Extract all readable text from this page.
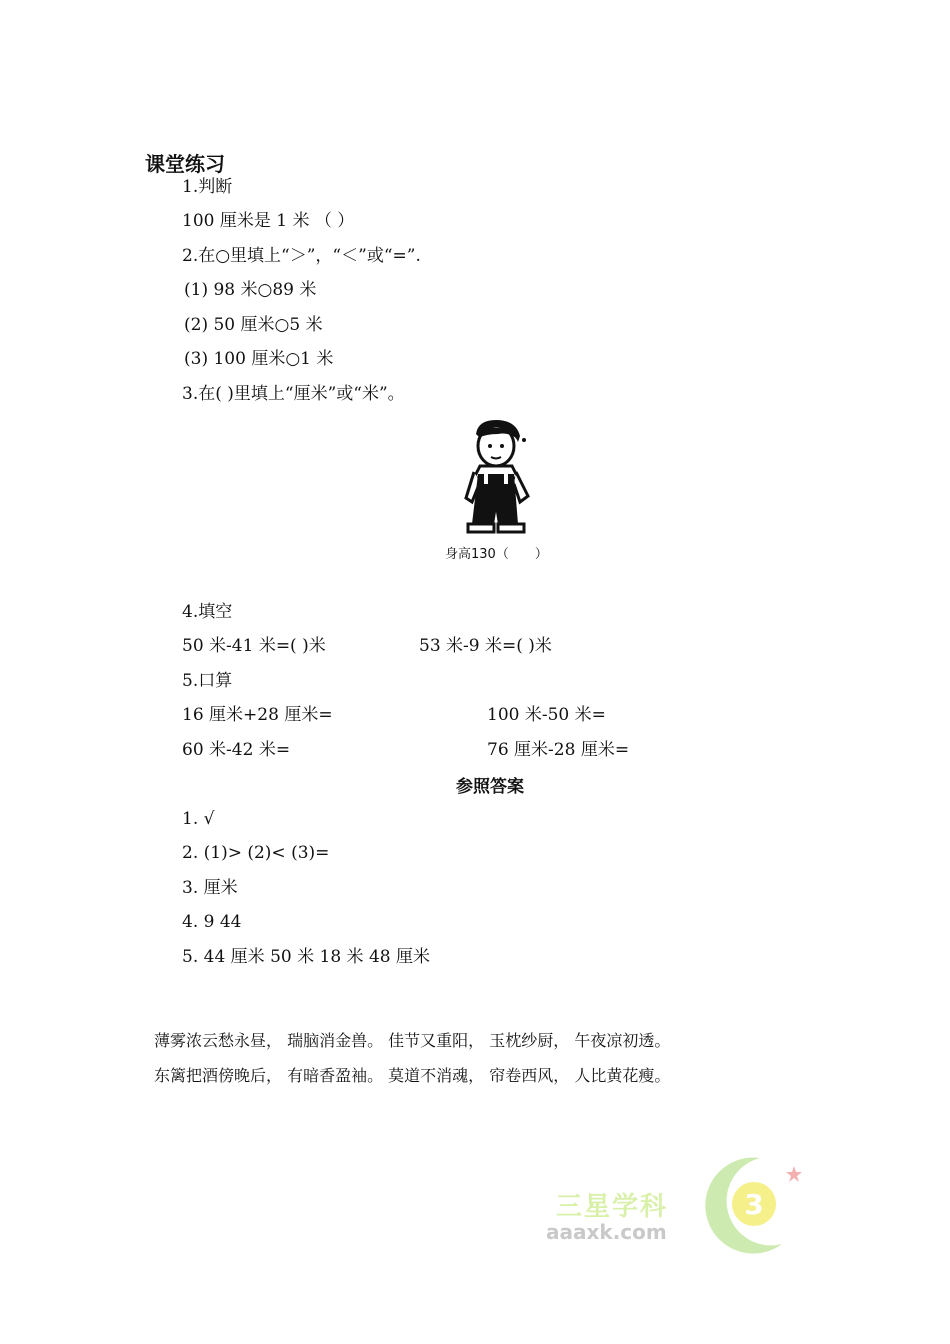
课堂练习
1.判断
100 厘米是 1 米 （ ）
2.在○里填上“＞”，“＜”或“=”.
(1) 98 米○89 米
(2) 50 厘米○5 米
(3) 100 厘米○1 米
3.在( )里填上“厘米”或“米”。
身高130（　　）
4.填空
50 米-41 米=( )米	53 米-9 米=( )米
5.口算
16 厘米+28 厘米=	100 米-50 米=
60 米-42 米=	76 厘米-28 厘米=
参照答案
1. √
2. (1)> (2)< (3)=
3. 厘米
4. 9 44
5. 44 厘米 50 米 18 米 48 厘米
薄雾浓云愁永昼， 瑞脑消金兽。 佳节又重阳， 玉枕纱厨， 午夜凉初透。
东篱把酒傍晚后， 有暗香盈袖。 莫道不消魂， 帘卷西风， 人比黄花瘦。
三星学科
aaaxk.com
3
